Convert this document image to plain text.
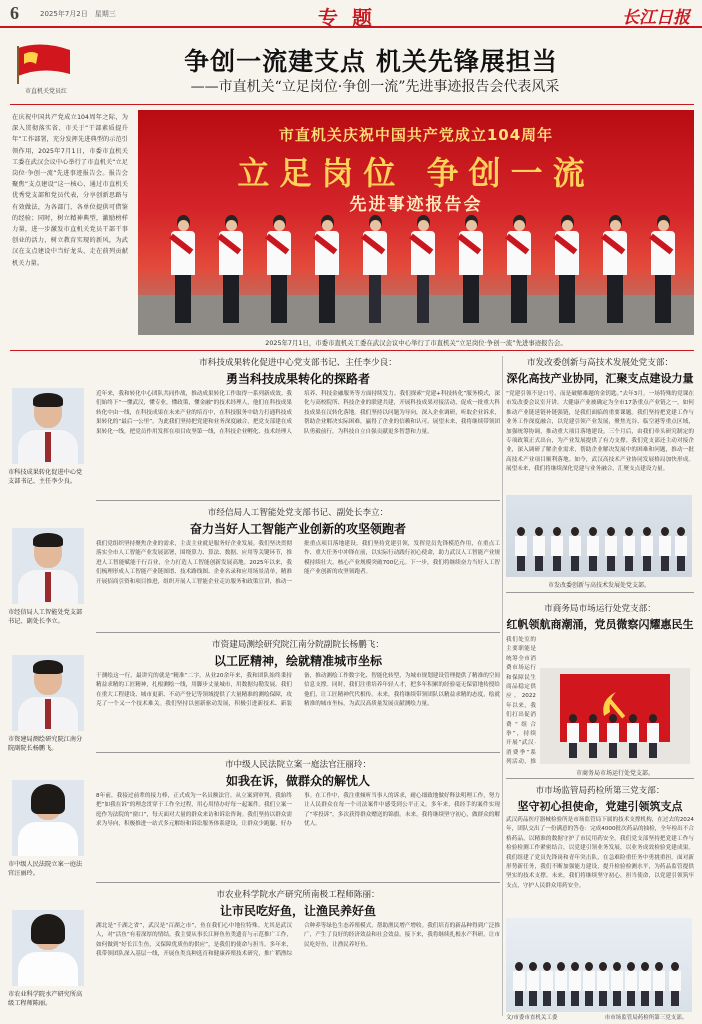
6	2025年7月2日　星期三	专题	长江日报
市直机关党员红
争创一流建支点 机关先锋展担当
——市直机关“立足岗位·争创一流”先进事迹报告会代表风采
在庆祝中国共产党成立104周年之际，为深入贯彻落实省、市关于“干部素质提升年”工作部署，充分发挥先进典型的示范引领作用，2025年7月1日，市委市直机关工委在武汉会议中心举行了市直机关“立足岗位·争创一流”先进事迹报告会。报告会聚焦“支点建设”这一核心，通过市直机关优秀党支部和党员代表，分享创新思路与有效做法，为各部门、各单位提供可借鉴的经验；同时，树立精神典型，激励榜样力量，进一步激发市直机关党员干部干事创业的活力，树立教育实现的新风，为武汉在支点建设中当好龙头、走在前列贡献机关力量。
市直机关庆祝中国共产党成立104周年
立足岗位 争创一流
先进事迹报告会
2025年7月1日，市委市直机关工委在武汉会议中心举行了市直机关“立足岗位·争创一流”先进事迹报告会。
市科技成果转化促进中心党支部书记、主任李少良。
市经信局人工智能处党支部书记、副处长李立。
市资建局测绘研究院江南分院副院长杨鹏飞。
市中级人民法院立案一庭法官汪丽玲。
市农业科学院水产研究所高级工程师陈丽。
市科技成果转化促进中心党支部书记、主任李少良：
勇当科技成果转化的探路者
近年来，我和转化中心团队共同作战，推动成果转化工作取得一系列新成效。我们始终下“一懂武汉，懂专业，懂政策，懂金融”的技术经理人，他们在科技成果转化中由一线，在科技成果在未来产业的培育中，在科技服务中助力打通科技成果转化的“最后一公里”。为此我们坚持把党建和业务深度融合，把党支部建在成果转化一线，把党员作用发挥在项目攻坚第一线，在科技企业孵化、技术经理人培养、科技金融服务等方面持续发力。我们探索“党建+科技转化”服务模式，深化与高校院所、科技企业的联建共建，开展科技成果对接活动，促成一批重大科技成果在汉转化落地。我们坚持以问题为导向，深入企业调研，听取企业诉求，帮助企业解决实际困难，赢得了企业的信赖和认可。展望未来，我将继续带领团队勇毅前行，为科技自立自强贡献更多智慧和力量。
市经信局人工智能处党支部书记、副处长李立：
奋力当好人工智能产业创新的攻坚领跑者
我们党组织坚持聚焦企业的需求，主责主业就是服务好企业发展。我们坚决贯彻落实全市人工智能产业发展部署，围绕算力、算法、数据、应用等关键环节，推进人工智能赋能千行百业，全力打造人工智能创新发展高地。2025年以来，我们梳理形成人工智能产业链图谱、技术路线图、企业名录和应用场景清单，精准开展招商引资和项目推进，组织开展人工智能企业走访服务和政策宣讲，推动一批重点项目落地建设。我们坚持党建引领，发挥党员先锋模范作用，在重点工作、重大任务中冲锋在前，以实际行动践行初心使命，助力武汉人工智能产业规模持续壮大，核心产业规模突破700亿元。下一步，我们将继续奋力当好人工智能产业创新的攻坚领跑者。
市资建局测绘研究院江南分院副院长杨鹏飞：
以工匠精神，绘就精准城市坐标
干测绘这一行，最讲究的就是“精准”二字。从业20余年来，我和团队始终秉持精益求精的工匠精神，扎根测绘一线，用脚步丈量城市，用数据勾勒发展。我们在重大工程建设、城市更新、不动产登记等领域提供了大量精准的测绘保障，攻克了一个又一个技术难关。我们坚持以创新驱动发展，积极引进新技术、新装备，推动测绘工作数字化、智能化转型，为城市规划建设管理提供了精准的空间信息支撑。同时，我们注重培养年轻人才，把多年积累的经验毫无保留地传授给他们，让工匠精神代代相传。未来，我将继续带领团队以精益求精的态度，绘就精准的城市坐标，为武汉高质量发展贡献测绘力量。
市中级人民法院立案一庭法官汪丽玲：
如我在诉，做群众的解忧人
8年前，我接过前辈的接力棒，正式成为一名员额法官。从立案到审判，我始终把“如我在诉”的理念贯穿于工作全过程，用心用情办好每一起案件。我们立案一庭作为法院的“窗口”，每天面对大量的群众来访和诉讼咨询。我们坚持以群众需求为导向，积极推进一站式多元解纷和诉讼服务体系建设，让群众少跑腿、好办事。在工作中，我注重倾听当事人的诉求，耐心细致地做好释法明理工作，努力让人民群众在每一个司法案件中感受到公平正义。多年来，我经手的案件实现了“零投诉”，多次获得群众赠送的锦旗。未来，我将继续坚守初心，做群众的解忧人。
市农业科学院水产研究所南极工程师陈丽：
让市民吃好鱼，让渔民养好鱼
湖北是“千湖之省”，武汉是“百湖之市”，鱼在我们心中地位特殊。尤其是武汉人，对“活鱼”有着深厚的情结。我主要从事长江鲜鱼鱼类遗育与示范推广工作，如何做到“好长江生鱼，又保障优质鱼的供应”，是我们的使命与担当。多年来，我带领团队深入基层一线，开展鱼类良种选育和健康养殖技术研究，推广稻渔综合种养等绿色生态养殖模式，帮助渔民增产增收。我们培育的新品种得到广泛推广，产生了良好的经济效益和社会效益。接下来，我将继续扎根水产科研，让市民吃好鱼，让渔民养好鱼。
市发改委创新与高技术发展处党支部：
深化高技产业协同，汇聚支点建设力量
“党建引领不是口号，而是破解难题的金钥匙。”去年3月，一场特殊的党课在市发改委会议室开讲。大健康产业被确定为全市17条重点产业链之一，如何推动产业链延链补链强链，是我们面临的重要课题。我们坚持把党建工作与业务工作深度融合，以党建引领产业发展，聚焦光谷、临空港等重点区域，加强统筹协调，推动重大项目落地建设。三个月后，由我们牵头研究制定的专项政策正式出台，为产业发展提供了有力支撑。我们党支部还主动对接企业，深入调研了解企业需求，帮助企业解决发展中的困难和问题，推动一批高技术产业项目顺利落地。如今，武汉高技术产业协同发展格局加快形成。展望未来，我们将继续深化党建与业务融合，汇聚支点建设力量。
市发改委创新与高技术发展处党支部。
市商务局市场运行处党支部：
红帆领航商潮涌，党员微察闪耀惠民生
我们处室的主要职能是统筹全市消费市场运行和保障民生商品稳定供应。2022年以来，我们打出促消费“组合拳”，持续开展“武汉·消费季”系列活动，推
市商务局市场运行处党支部。
市市场监管局药检所第三党支部：
坚守初心担使命，党建引领筑支点
武汉药品医疗器械检验所是市场监管局下属的技术支撑机构，在过去的2024年，团队交出了一份满意的答卷：完成4000批次药品的抽检，全年检出不合格药品，以精准的数据守护了市民用药安全。我们党支部坚持把党建工作与检验检测工作紧密结合，以党建引领业务发展，以业务成效检验党建成果。我们组建了党员先锋岗和青年突击队，在急难险重任务中勇挑重担。面对新形势新任务，我们不断加强能力建设，提升检验检测水平，为药品监管提供坚实的技术支撑。未来，我们将继续坚守初心，担当使命，以党建引领筑牢支点，守护人民群众用药安全。
市市场监管局药检所第三党支部。
文/市委市直机关工委
